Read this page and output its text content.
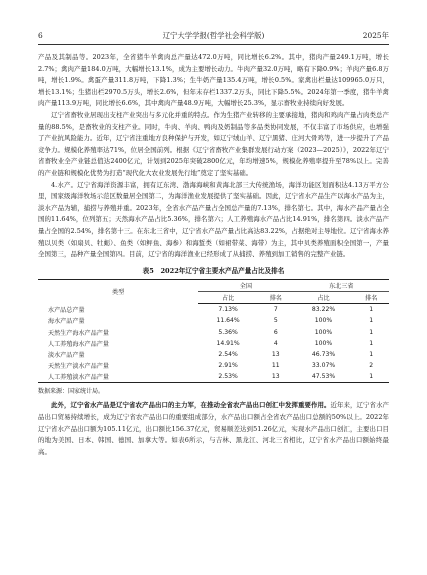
6	辽宁大学学报(哲学社会科学版)	2025年

产品及其制品等。2023年，全省猪牛羊禽肉总产量达472.0万吨，同比增长6.2%。其中，猪肉产量249.1万吨，增长2.7%；禽肉产量184.0万吨，大幅增长13.1%，成为主要增长动力。牛肉产量32.0万吨，略有下降0.9%；羊肉产量6.8万吨，增长1.9%。禽蛋产量311.8万吨，下降1.3%；生牛奶产量135.4万吨，增长0.5%。家禽出栏量达109965.0万只，增长13.1%；生猪出栏2970.5万头，增长2.6%，但年末存栏1337.2万头，同比下降5.5%。2024年第一季度，猪牛羊禽肉产量113.9万吨，同比增长6.6%，其中禽肉产量48.9万吨，大幅增长25.3%，显示畜牧业持续向好发展。

辽宁省畜牧业居现出支柱产业突出与多元化并重的特点。作为生猪产业转移的主要承接地，猪肉和鸡肉产量占肉类总产量的88.5%，是畜牧业的支柱产业。同时，牛肉、羊肉、鸭肉及奶制品等多品类协同发展，不仅丰富了市场供应，也增强了产业抗风险能力。近年，辽宁省注重地方良种保护与开发，如辽宁绒山羊、辽宁黑猪、庄河大骨鸡等，进一步提升了产品竞争力。规模化养殖率达71%，位居全国前列。根据《辽宁省畜牧产业集群发展行动方案（2023—2025）》，2022年辽宁省畜牧业全产业链总值达2400亿元，计划到2025年突破2800亿元，年均增速5%，规模化养殖率提升至78%以上。完善的产业链和规模化优势为打造“现代化大农业发展先行地”奠定了坚实基础。

4.水产。辽宁省海洋资源丰富，拥有辽东湾、渤海海峡和黄海北部三大传统渔场，海洋功能区划面积达4.13万平方公里，国家级海洋牧场示范区数量居全国第二，为海洋渔业发展提供了坚实基础。因此，辽宁省水产品生产以海水产品为主，淡水产品为辅，捕捞与养殖并重。2023年，全省水产品产量占全国总产量的7.13%，排名第七。其中，海水产品产量占全国的11.64%，位列第五；天然海水产品占比5.36%，排名第六；人工养殖海水产品占比14.91%，排名第四。淡水产品产量占全国的2.54%，排名第十三。在东北三省中，辽宁省水产品产量占比高达83.22%，占据绝对主导地位。辽宁省海水养殖以贝类（如扇贝、牡蛎）、鱼类（如鲆鱼、海参）和海蜇类（如裙带菜、海带）为主，其中贝类养殖面积全国第一，产量全国第三，品种产量全国第四。目前，辽宁省的海洋渔业已经形成了从捕捞、养殖到加工销售的完整产业链。

表5　2022年辽宁省主要水产品产量占比及排名
类型	全国		东北三省	
	占比	排名	占比	排名
水产品总产量	7.13%	7	83.22%	1
海水产品产量	11.64%	5	100%	1
天然生产海水产品产量	5.36%	6	100%	1
人工养殖海水产品产量	14.91%	4	100%	1
淡水产品产量	2.54%	13	46.73%	1
天然生产淡水产品产量	2.91%	11	33.07%	2
人工养殖淡水产品产量	2.53%	13	47.53%	1
数据来源：国家统计局。

此外，辽宁省水产品是辽宁省农产品出口的主力军，在推动全省农产品出口创汇中发挥重要作用。近年来，辽宁省水产品出口贸易持续增长，成为辽宁省农产品出口的重要组成部分，水产品出口额占全省农产品出口总额的50%以上。2022年辽宁省水产品出口额为105.11亿元，出口额比156.37亿元，贸易顺差达到51.26亿元，实现水产品出口创汇，主要出口目的地为美国、日本、韩国、德国、加拿大等。如表6所示，与吉林、黑龙江、河北三省相比，辽宁省水产品出口额始终最高。
